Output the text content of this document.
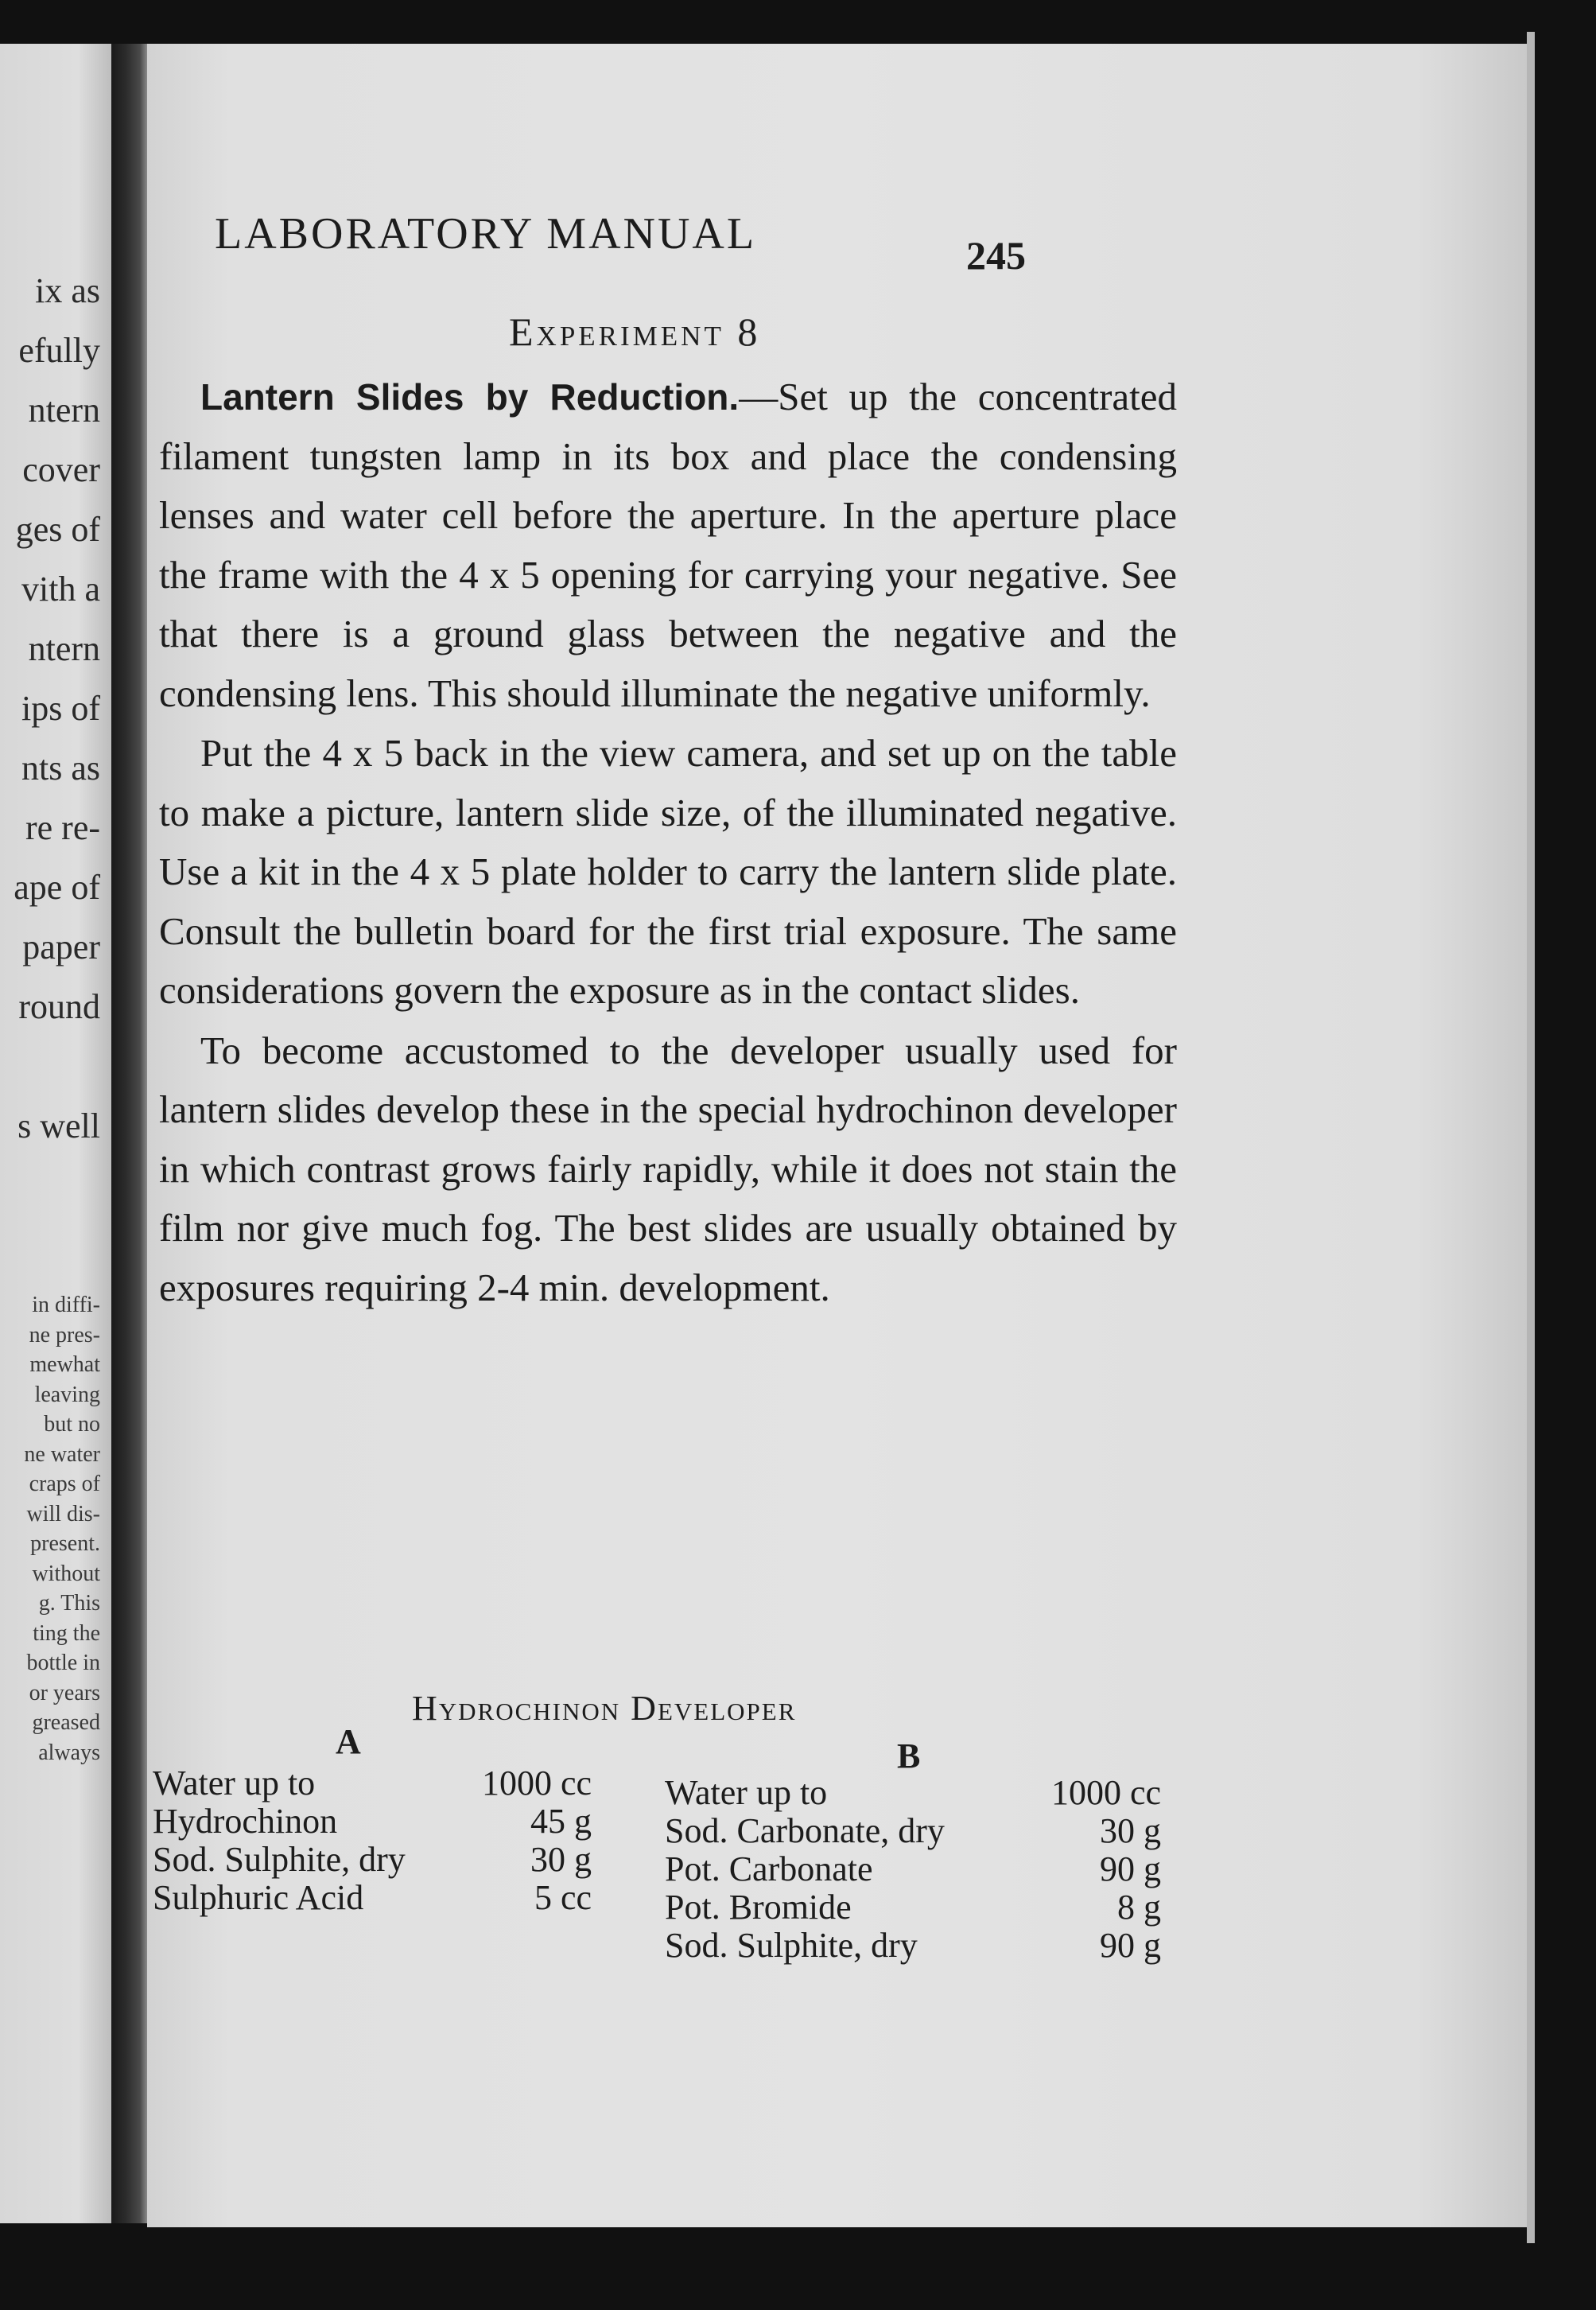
ix as
efully
ntern
cover
ges of
vith a
ntern
ips of
nts as
re re-
ape of
paper
round
s well
in diffi-
ne pres-
mewhat
leaving
but no
ne water
craps of
will dis-
present.
without
g. This
ting the
bottle in
or years
greased
always
LABORATORY MANUAL	245
Experiment 8

Lantern Slides by Reduction.—Set up the concentrated filament tungsten lamp in its box and place the condensing lenses and water cell before the aperture. In the aperture place the frame with the 4 x 5 opening for carrying your negative. See that there is a ground glass between the negative and the condensing lens. This should illuminate the negative uniformly.

Put the 4 x 5 back in the view camera, and set up on the table to make a picture, lantern slide size, of the illuminated negative. Use a kit in the 4 x 5 plate holder to carry the lantern slide plate. Consult the bulletin board for the first trial exposure. The same considerations govern the exposure as in the contact slides.

To become accustomed to the developer usually used for lantern slides develop these in the special hydrochinon developer in which contrast grows fairly rapidly, while it does not stain the film nor give much fog. The best slides are usually obtained by exposures requiring 2-4 min. development.

Hydrochinon Developer
A	B
Water up to	1000 cc
Hydrochinon	45 g
Sod. Sulphite, dry	30 g
Sulphuric Acid	5 cc
Water up to	1000 cc
Sod. Carbonate, dry	30 g
Pot. Carbonate	90 g
Pot. Bromide	8 g
Sod. Sulphite, dry	90 g
